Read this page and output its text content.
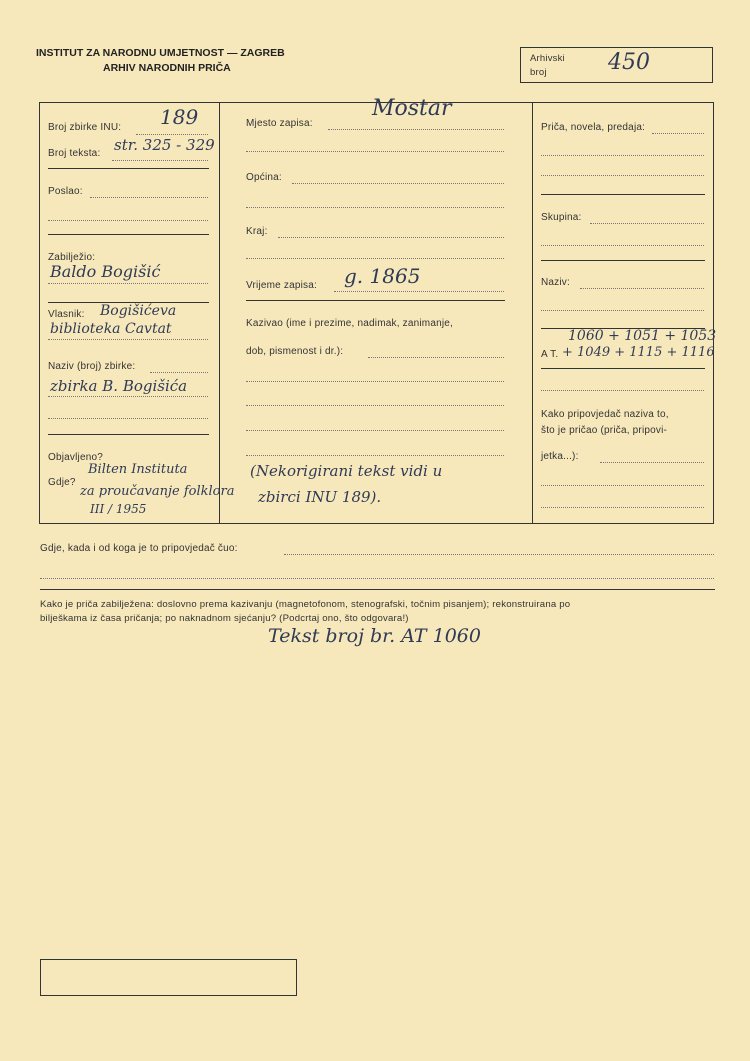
INSTITUT ZA NARODNU UMJETNOST — ZAGREB
ARHIV NARODNIH PRIČA
Arhivski
broj	450
Broj zbirke INU: 189
Broj teksta: str. 325 - 329
Poslao:
Zabilježio:
Baldo Bogišić
Vlasnik: Bogišićeva
biblioteka Cavtat
Naziv (broj) zbirke:
zbirka B. Bogišića
Objavljeno?
Bilten Instituta
Gdje?
za proučavanje folklora
III / 1955
Mjesto zapisa:
Mostar
Općina:
Kraj:
Vrijeme zapisa: g. 1865
Kazivao (ime i prezime, nadimak, zanimanje,
dob, pismenost i dr.):
(Nekorigirani tekst vidi u
zbirci INU 189).
Priča, novela, predaja:
Skupina:
Naziv:
1060 + 1051 + 1053
A T. + 1049 + 1115 + 1116
Kako pripovjedač naziva to,
što je pričao (priča, pripovi-
jetka...):
Gdje, kada i od koga je to pripovjedač čuo:
Kako je priča zabilježena: doslovno prema kazivanju (magnetofonom, stenografski, točnim pisanjem); rekonstruirana po
bilješkama iz časa pričanja; po naknadnom sjećanju? (Podcrtaj ono, što odgovara!)
Tekst broj br. AT 1060
